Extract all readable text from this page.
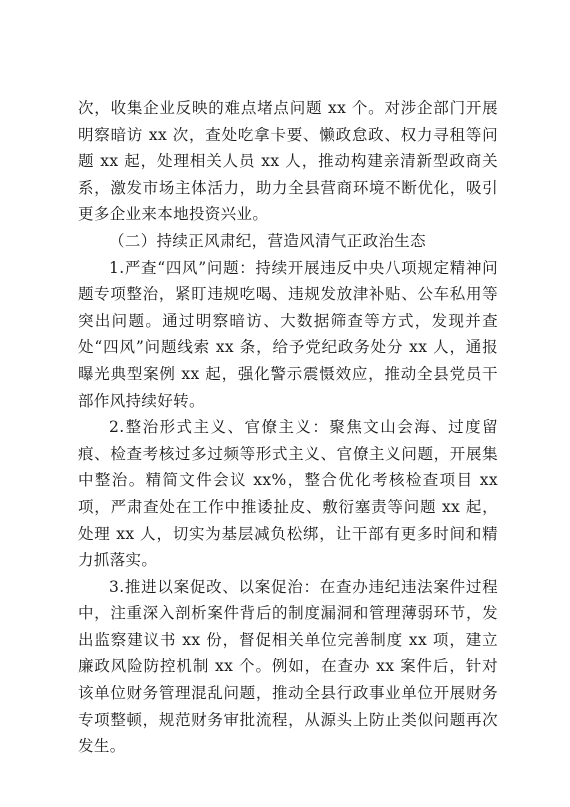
次，收集企业反映的难点堵点问题 xx 个。对涉企部门开展明察暗访 xx 次，查处吃拿卡要、懒政怠政、权力寻租等问题 xx 起，处理相关人员 xx 人，推动构建亲清新型政商关系，激发市场主体活力，助力全县营商环境不断优化，吸引更多企业来本地投资兴业。

（二）持续正风肃纪，营造风清气正政治生态

1.严查“四风”问题：持续开展违反中央八项规定精神问题专项整治，紧盯违规吃喝、违规发放津补贴、公车私用等突出问题。通过明察暗访、大数据筛查等方式，发现并查处“四风”问题线索 xx 条，给予党纪政务处分 xx 人，通报曝光典型案例 xx 起，强化警示震慑效应，推动全县党员干部作风持续好转。

2.整治形式主义、官僚主义：聚焦文山会海、过度留痕、检查考核过多过频等形式主义、官僚主义问题，开展集中整治。精简文件会议 xx%，整合优化考核检查项目 xx 项，严肃查处在工作中推诿扯皮、敷衍塞责等问题 xx 起，处理 xx 人，切实为基层减负松绑，让干部有更多时间和精力抓落实。

3.推进以案促改、以案促治：在查办违纪违法案件过程中，注重深入剖析案件背后的制度漏洞和管理薄弱环节，发出监察建议书 xx 份，督促相关单位完善制度 xx 项，建立廉政风险防控机制 xx 个。例如，在查办 xx 案件后，针对该单位财务管理混乱问题，推动全县行政事业单位开展财务专项整顿，规范财务审批流程，从源头上防止类似问题再次发生。
